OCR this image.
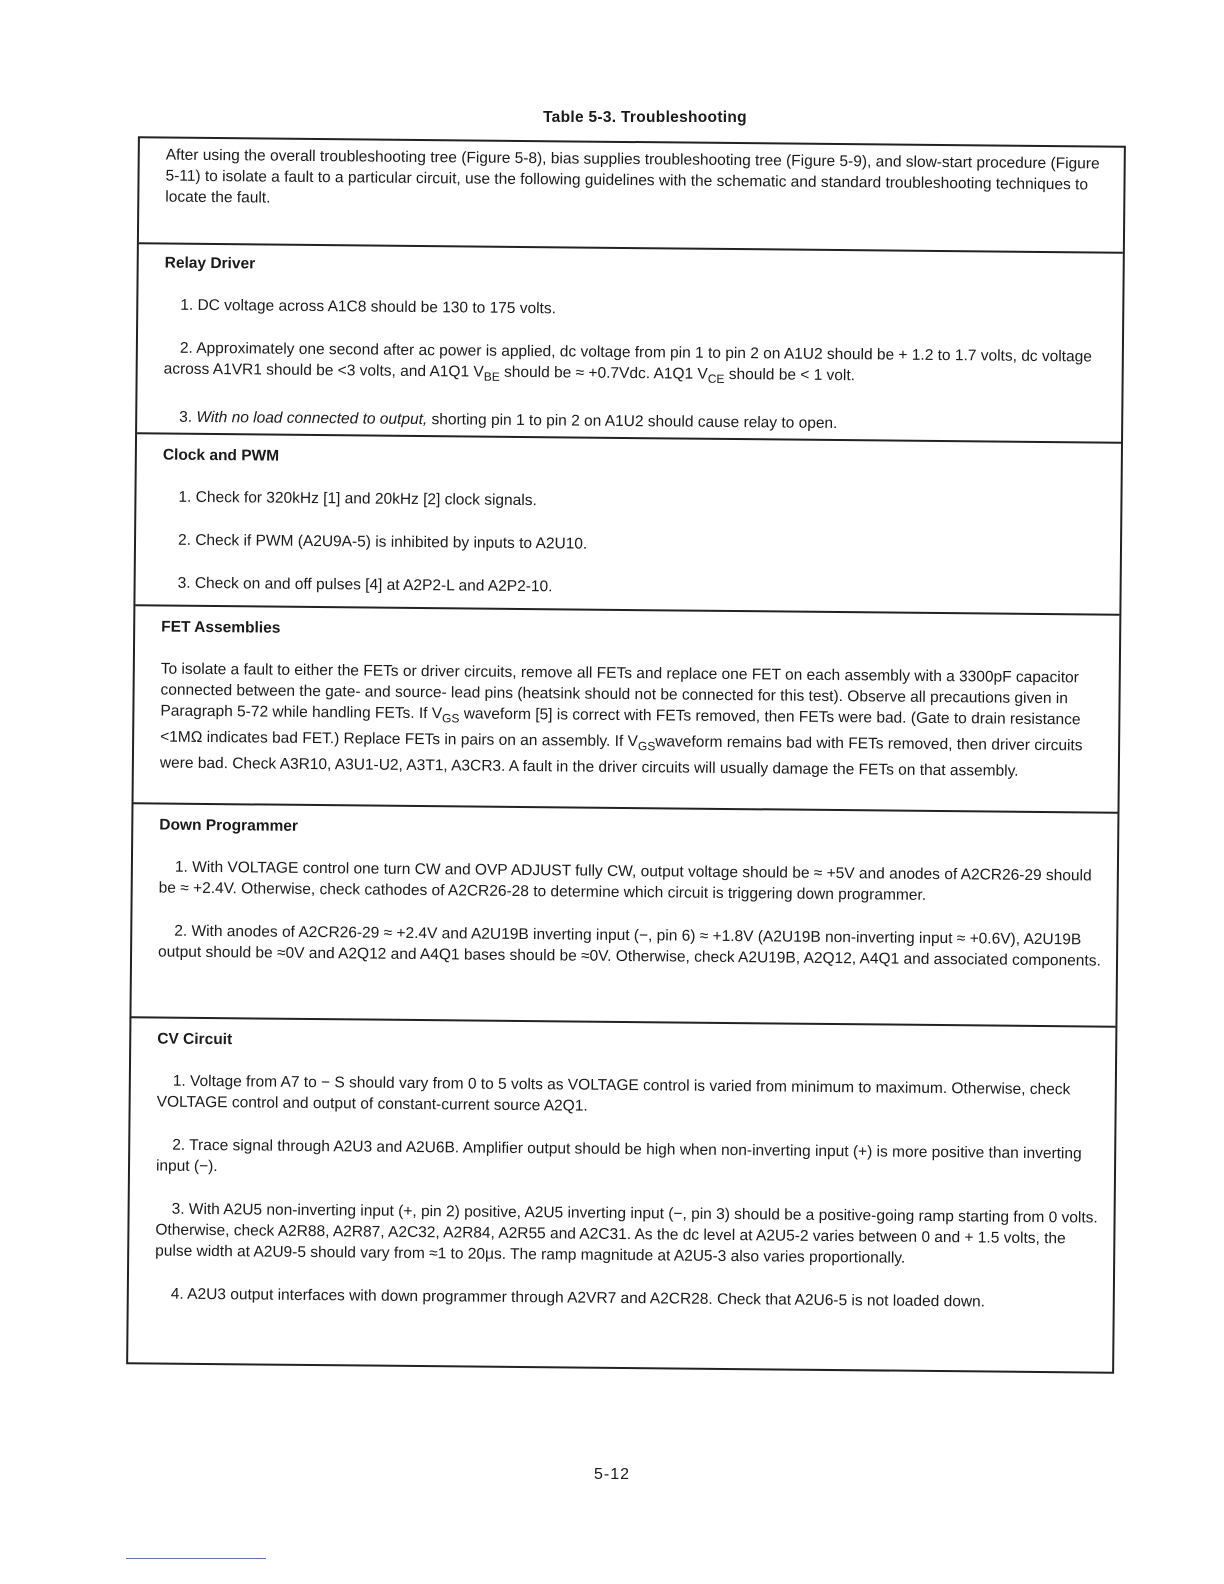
Table 5-3. Troubleshooting

After using the overall troubleshooting tree (Figure 5-8), bias supplies troubleshooting tree (Figure 5-9), and slow-start procedure (Figure 5-11) to isolate a fault to a particular circuit, use the following guidelines with the schematic and standard troubleshooting techniques to locate the fault.

Relay Driver

1. DC voltage across A1C8 should be 130 to 175 volts.

2. Approximately one second after ac power is applied, dc voltage from pin 1 to pin 2 on A1U2 should be + 1.2 to 1.7 volts, dc voltage across A1VR1 should be <3 volts, and A1Q1 $V_{BE}$ should be ≈ +0.7Vdc. A1Q1 $V_{CE}$ should be < 1 volt.

3. With no load connected to output, shorting pin 1 to pin 2 on A1U2 should cause relay to open.

Clock and PWM

1. Check for 320kHz [1] and 20kHz [2] clock signals.

2. Check if PWM (A2U9A-5) is inhibited by inputs to A2U10.

3. Check on and off pulses [4] at A2P2-L and A2P2-10.

FET Assemblies

To isolate a fault to either the FETs or driver circuits, remove all FETs and replace one FET on each assembly with a 3300pF capacitor connected between the gate- and source- lead pins (heatsink should not be connected for this test). Observe all precautions given in Paragraph 5-72 while handling FETs. If $V_{GS}$ waveform [5] is correct with FETs removed, then FETs were bad. (Gate to drain resistance <1MΩ indicates bad FET.) Replace FETs in pairs on an assembly. If $V_{GS}waveform$ remains bad with FETs removed, then driver circuits were bad. Check A3R10, A3U1-U2, A3T1, A3CR3. A fault in the driver circuits will usually damage the FETs on that assembly.

Down Programmer

1. With VOLTAGE control one turn CW and OVP ADJUST fully CW, output voltage should be ≈ +5V and anodes of A2CR26-29 should be ≈ +2.4V. Otherwise, check cathodes of A2CR26-28 to determine which circuit is triggering down programmer.

2. With anodes of A2CR26-29 ≈ +2.4V and A2U19B inverting input (−, pin 6) ≈ +1.8V (A2U19B non-inverting input ≈ +0.6V), A2U19B output should be ≈0V and A2Q12 and A4Q1 bases should be ≈0V. Otherwise, check A2U19B, A2Q12, A4Q1 and associated components.

CV Circuit

1. Voltage from A7 to − S should vary from 0 to 5 volts as VOLTAGE control is varied from minimum to maximum. Otherwise, check VOLTAGE control and output of constant-current source A2Q1.

2. Trace signal through A2U3 and A2U6B. Amplifier output should be high when non-inverting input (+) is more positive than inverting input (−).

3. With A2U5 non-inverting input (+, pin 2) positive, A2U5 inverting input (−, pin 3) should be a positive-going ramp starting from 0 volts. Otherwise, check A2R88, A2R87, A2C32, A2R84, A2R55 and A2C31. As the dc level at A2U5-2 varies between 0 and + 1.5 volts, the pulse width at A2U9-5 should vary from ≈1 to 20μs. The ramp magnitude at A2U5-3 also varies proportionally.

4. A2U3 output interfaces with down programmer through A2VR7 and A2CR28. Check that A2U6-5 is not loaded down.

5-12
